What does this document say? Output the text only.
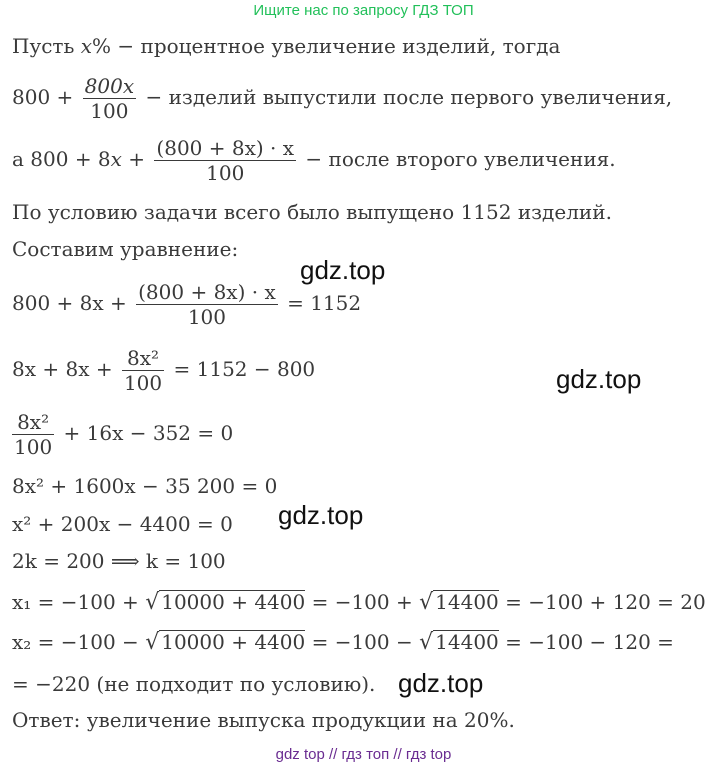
Ищите нас по запросу ГДЗ ТОП
Пусть x% − процентное увеличение изделий, тогда
$800 + \frac{800x}{100}$ − изделий выпустили после первого увеличения,
а $800 + 8x + \frac{(800 + 8x) \cdot x}{100}$ − после второго увеличения.
По условию задачи всего было выпущено 1152 изделий.
Составим уравнение:
$800 + 8x + \frac{(800 + 8x) \cdot x}{100} = 1152$
$8x + 8x + \frac{\text{8x²}}{100} = 1152 - 800$
$\frac{\text{8x²}}{100} + 16x - 352 = 0$
8x² + 1600x − 35 200 = 0
x² + 200x − 4400 = 0
2k = 200 ⟹ k = 100
x₁ = −100 + √ 10000 + 4400 = −100 + √ 14400 = −100 + 120 = 20
x₂ = −100 − √ 10000 + 4400 = −100 − √ 14400 = −100 − 120 =
= −220 (не подходит по условию).
Ответ: увеличение выпуска продукции на 20%.
gdz.top
gdz.top
gdz.top
gdz.top
gdz top // гдз топ // гдз top
